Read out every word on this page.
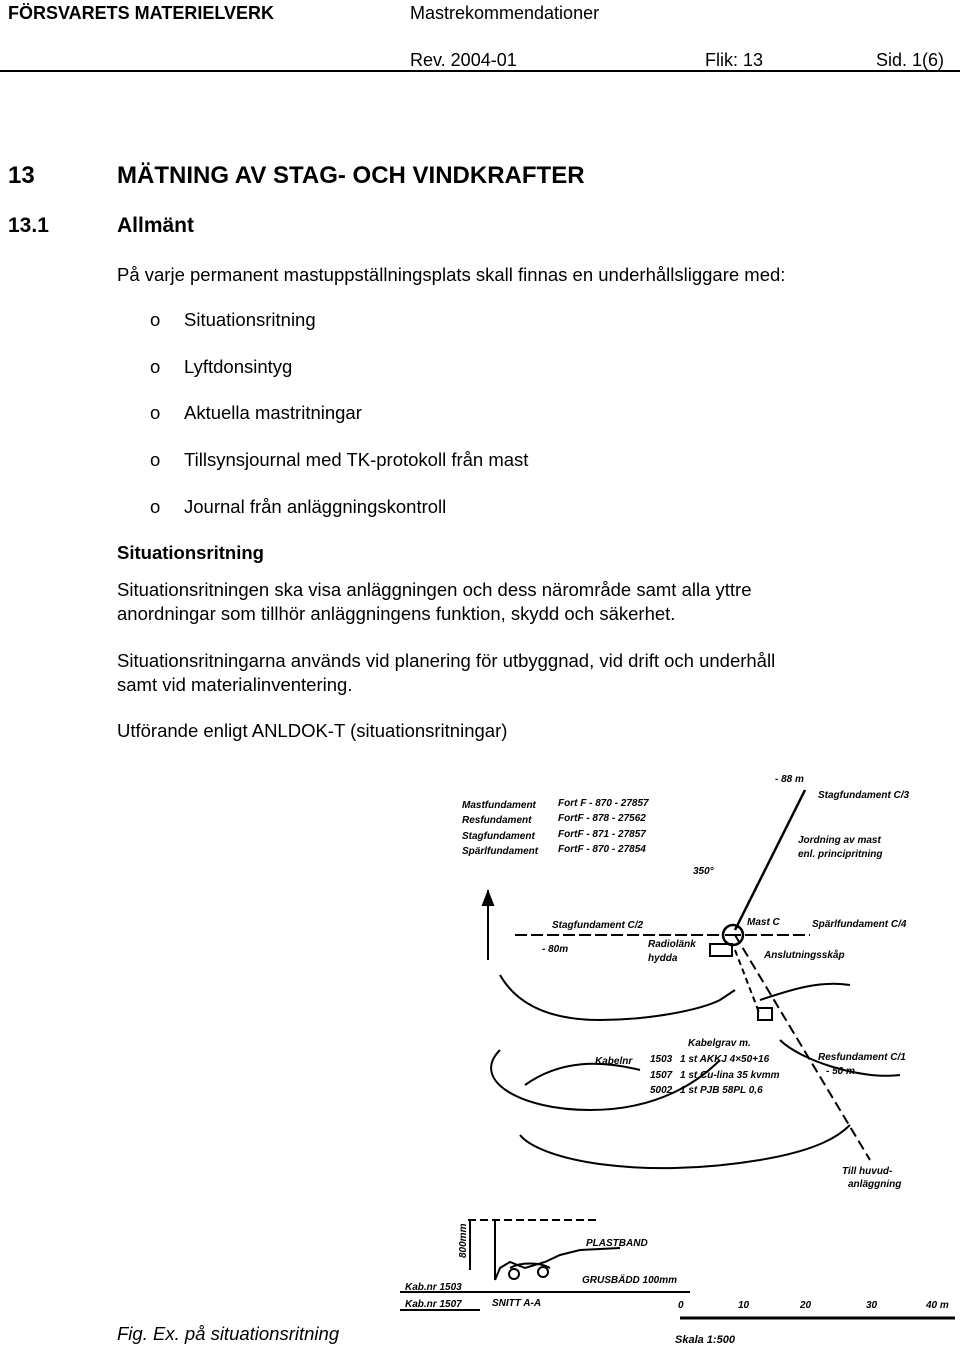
FÖRSVARETS MATERIELVERK	Mastrekommendationer
Rev. 2004-01	Flik: 13	Sid. 1(6)
13	MÄTNING AV STAG- OCH VINDKRAFTER
13.1	Allmänt
På varje permanent mastuppställningsplats skall finnas en underhållsliggare med:
o Situationsritning
o Lyftdonsintyg
o Aktuella mastritningar
o Tillsynsjournal med TK-protokoll från mast
o Journal från anläggningskontroll
Situationsritning
Situationsritningen ska visa anläggningen och dess närområde samt alla yttre
anordningar som tillhör anläggningens funktion, skydd och säkerhet.
Situationsritningarna används vid planering för utbyggnad, vid drift och underhåll
samt vid materialinventering.
Utförande enligt ANLDOK-T (situationsritningar)
Mastfundament Fort F - 870 - 27857
Resfundament	FortF - 878 - 27562
Stagfundament FortF - 871 - 27857
Spärlfundament FortF - 870 - 27854
- 88 m
Stagfundament C/3
Jordning av mast
enl. principritning
350°
Stagfundament C/2
- 80m
Mast C	Spärlfundament C/4
Radiolänk
hydda	Anslutningsskåp
Kabelgrav m.
Kabelnr 1503 1 st AKKJ 4×50+16
1507 1 st Cu-lina 35 kvmm
5002 1 st PJB 58PL 0,6
Resfundament C/1
- 50 m
Till huvud-
anläggning
800mm	PLASTBAND
GRUSBÄDD 100mm
Kab.nr 1503
Kab.nr 1507	SNITT A-A	0	10	20	30	40 m
Skala 1:500
Fig. Ex. på situationsritning
